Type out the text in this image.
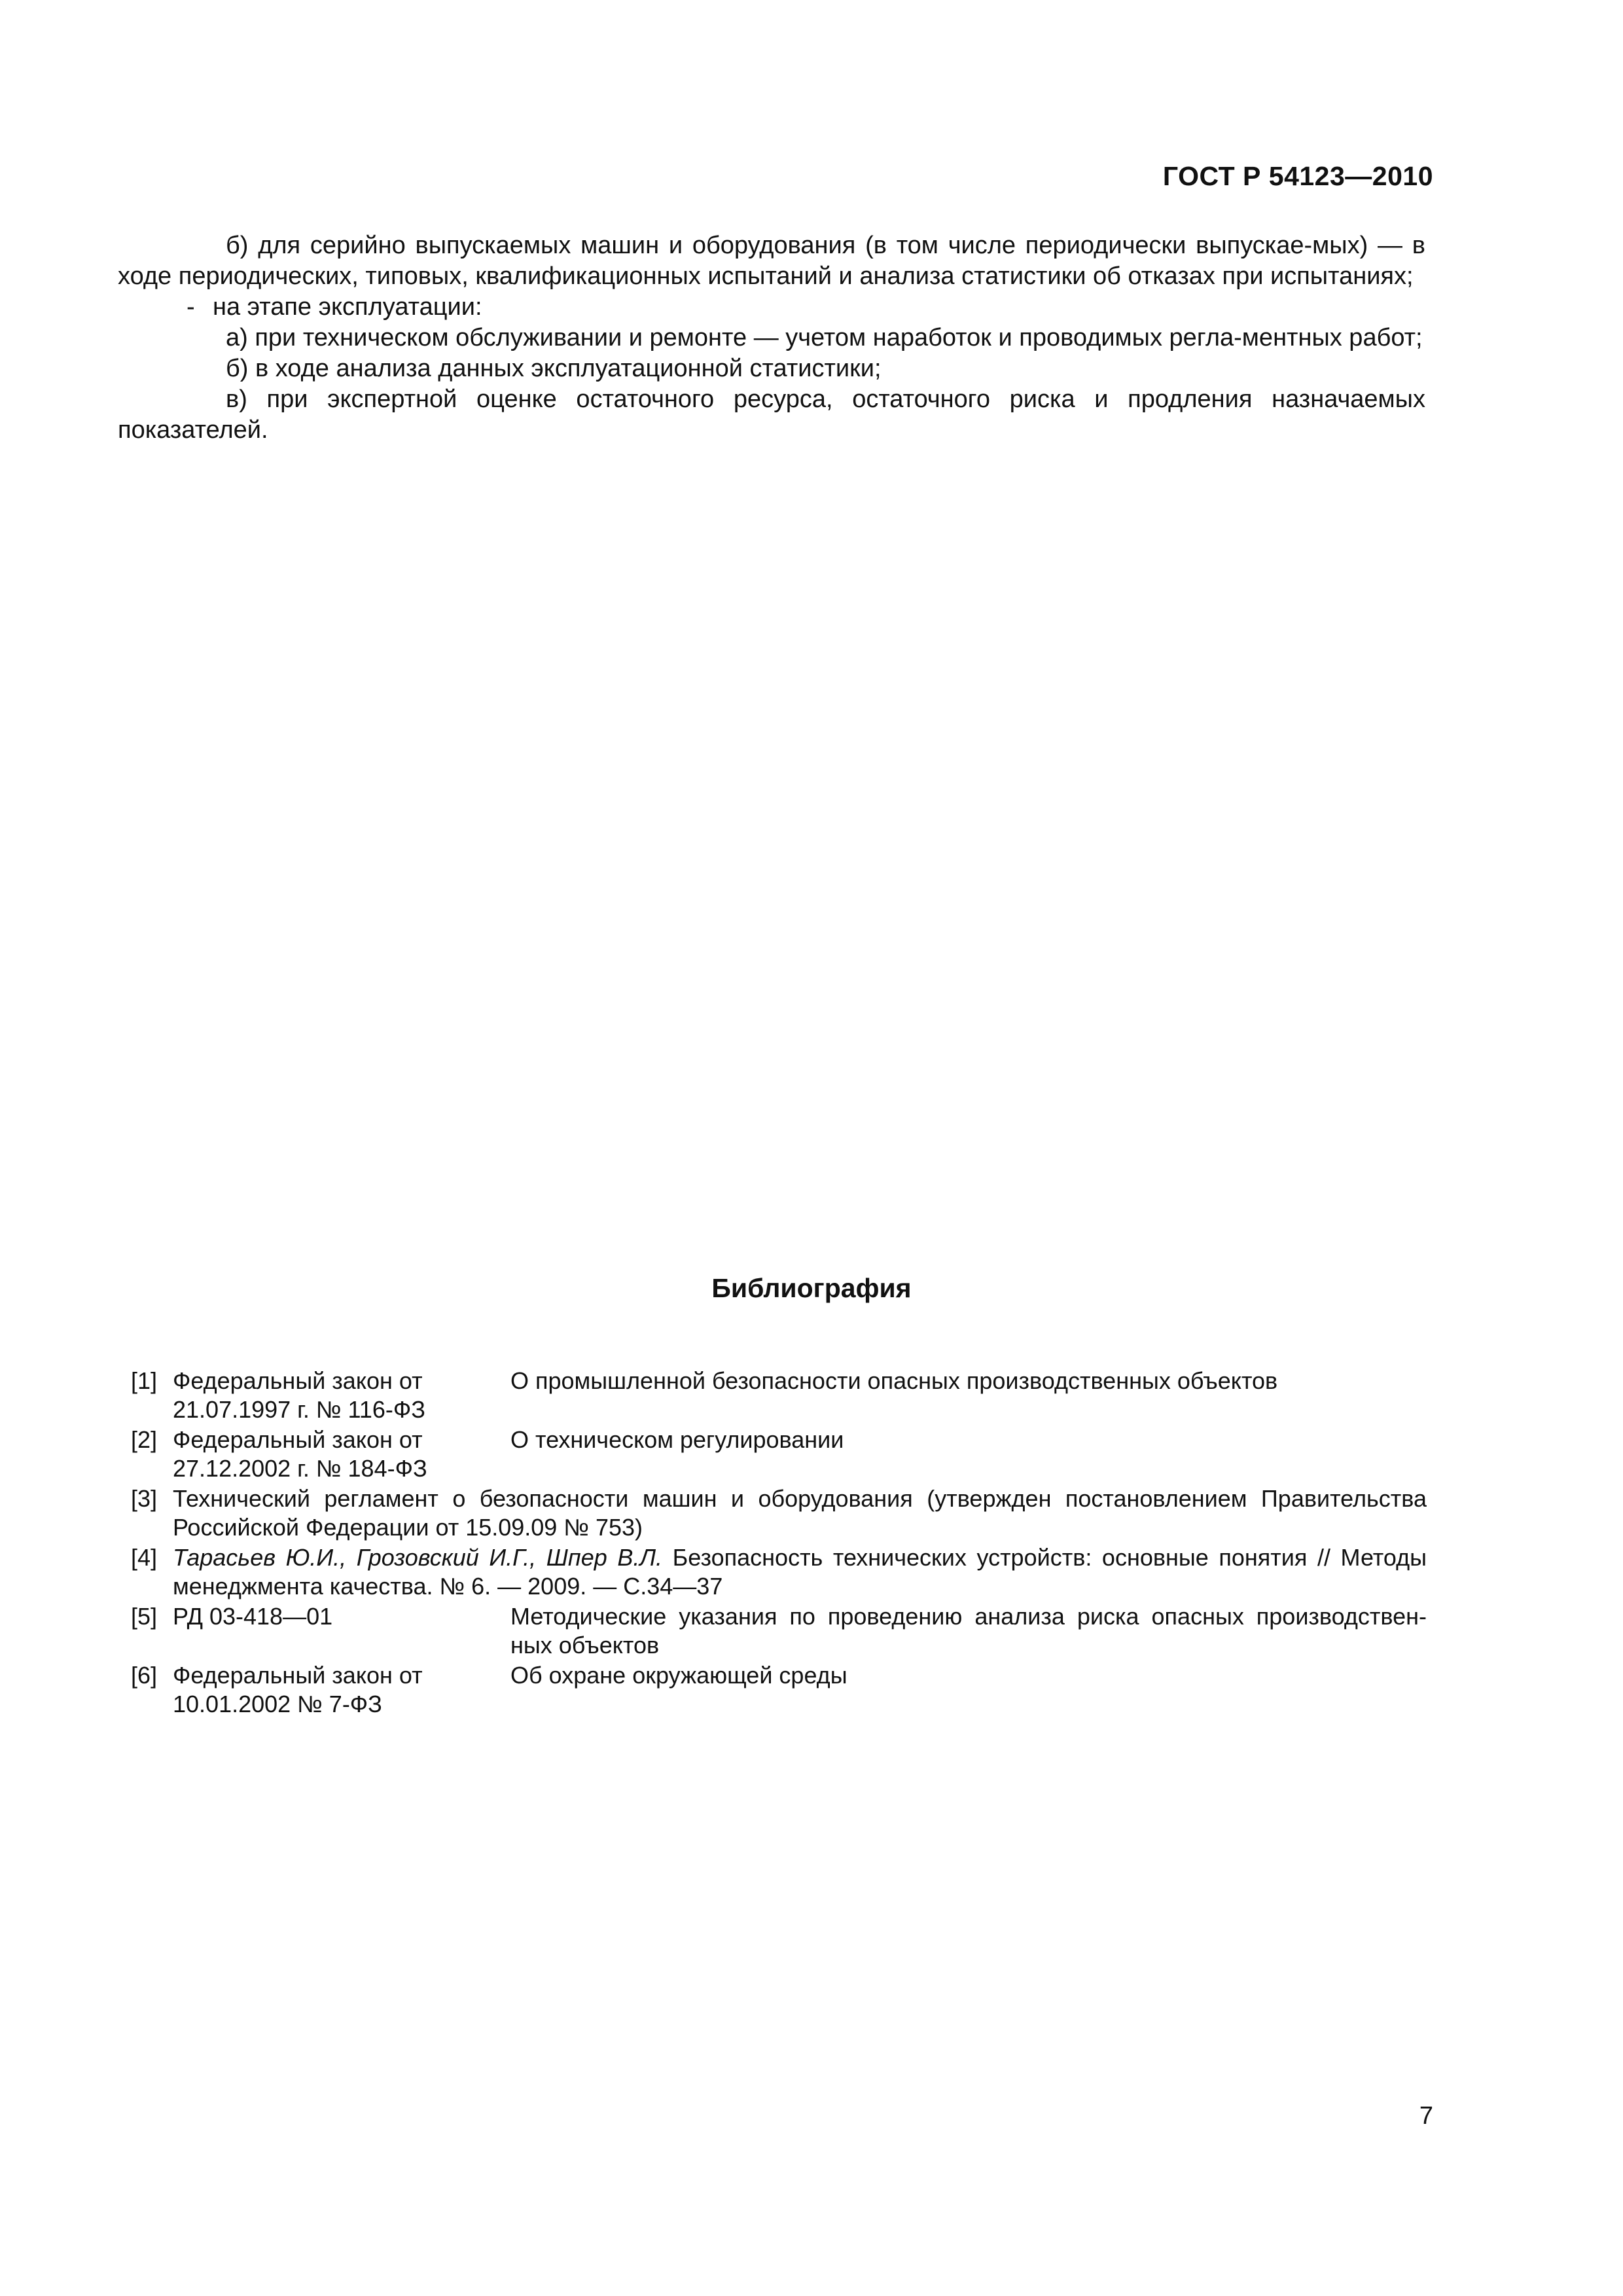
ГОСТ Р 54123—2010

б) для серийно выпускаемых машин и оборудования (в том числе периодически выпускае-мых) — в ходе периодических, типовых, квалификационных испытаний и анализа статистики об отказах при испытаниях;

- на этапе эксплуатации:

а) при техническом обслуживании и ремонте — учетом наработок и проводимых регла-ментных работ;

б) в ходе анализа данных эксплуатационной статистики;

в) при экспертной оценке остаточного ресурса, остаточного риска и продления назначаемых показателей.

Библиография
[1] Федеральный закон от 21.07.1997 г. № 116-ФЗ
О промышленной безопасности опасных производственных объектов
[2] Федеральный закон от 27.12.2002 г. № 184-ФЗ
О техническом регулировании
[3] Технический регламент о безопасности машин и оборудования (утвержден постановлением Правительства Российской Федерации от 15.09.09 № 753)
[4] Тарасьев Ю.И., Грозовский И.Г., Шпер В.Л. Безопасность технических устройств: основные понятия // Методы менеджмента качества. № 6. — 2009. — С.34—37
[5] РД 03-418—01	Методические указания по проведению анализа риска опасных производствен-ных объектов
[6] Федеральный закон от 10.01.2002 № 7-ФЗ
Об охране окружающей среды
7
